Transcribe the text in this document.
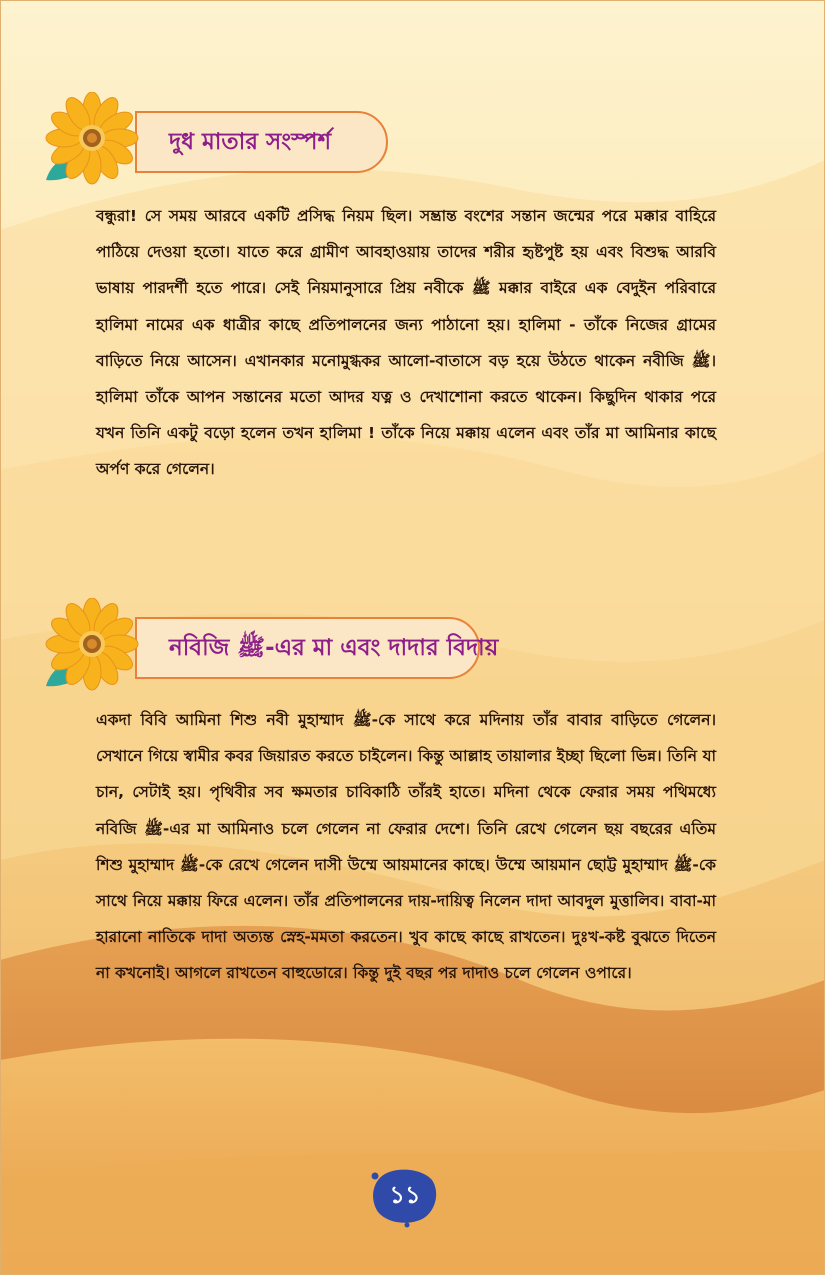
দুধ মাতার সংস্পর্শ

বন্ধুরা! সে সময় আরবে একটি প্রসিদ্ধ নিয়ম ছিল। সম্ভ্রান্ত বংশের সন্তান জন্মের পরে মক্কার বাহিরে পাঠিয়ে দেওয়া হতো। যাতে করে গ্রামীণ আবহাওয়ায় তাদের শরীর হৃষ্টপুষ্ট হয় এবং বিশুদ্ধ আরবি ভাষায় পারদর্শী হতে পারে। সেই নিয়মানুসারে প্রিয় নবীকে ﷺ মক্কার বাইরে এক বেদুইন পরিবারে হালিমা নামের এক ধাত্রীর কাছে প্রতিপালনের জন্য পাঠানো হয়। হালিমা - তাঁকে নিজের গ্রামের বাড়িতে নিয়ে আসেন। এখানকার মনোমুগ্ধকর আলো-বাতাসে বড় হয়ে উঠতে থাকেন নবীজি ﷺ। হালিমা তাঁকে আপন সন্তানের মতো আদর যত্ন ও দেখাশোনা করতে থাকেন। কিছুদিন থাকার পরে যখন তিনি একটু বড়ো হলেন তখন হালিমা ! তাঁকে নিয়ে মক্কায় এলেন এবং তাঁর মা আমিনার কাছে অর্পণ করে গেলেন।

নবিজি ﷺ-এর মা এবং দাদার বিদায়

একদা বিবি আমিনা শিশু নবী মুহাম্মাদ ﷺ-কে সাথে করে মদিনায় তাঁর বাবার বাড়িতে গেলেন। সেখানে গিয়ে স্বামীর কবর জিয়ারত করতে চাইলেন। কিন্তু আল্লাহ তায়ালার ইচ্ছা ছিলো ভিন্ন। তিনি যা চান, সেটাই হয়। পৃথিবীর সব ক্ষমতার চাবিকাঠি তাঁরই হাতে। মদিনা থেকে ফেরার সময় পথিমধ্যে নবিজি ﷺ-এর মা আমিনাও চলে গেলেন না ফেরার দেশে। তিনি রেখে গেলেন ছয় বছরের এতিম শিশু মুহাম্মাদ ﷺ-কে রেখে গেলেন দাসী উম্মে আয়মানের কাছে। উম্মে আয়মান ছোট্ট মুহাম্মাদ ﷺ-কে সাথে নিয়ে মক্কায় ফিরে এলেন। তাঁর প্রতিপালনের দায়-দায়িত্ব নিলেন দাদা আবদুল মুত্তালিব। বাবা-মা হারানো নাতিকে দাদা অত্যন্ত স্নেহ-মমতা করতেন। খুব কাছে কাছে রাখতেন। দুঃখ-কষ্ট বুঝতে দিতেন না কখনোই। আগলে রাখতেন বাহুডোরে। কিন্তু দুই বছর পর দাদাও চলে গেলেন ওপারে।

১১
